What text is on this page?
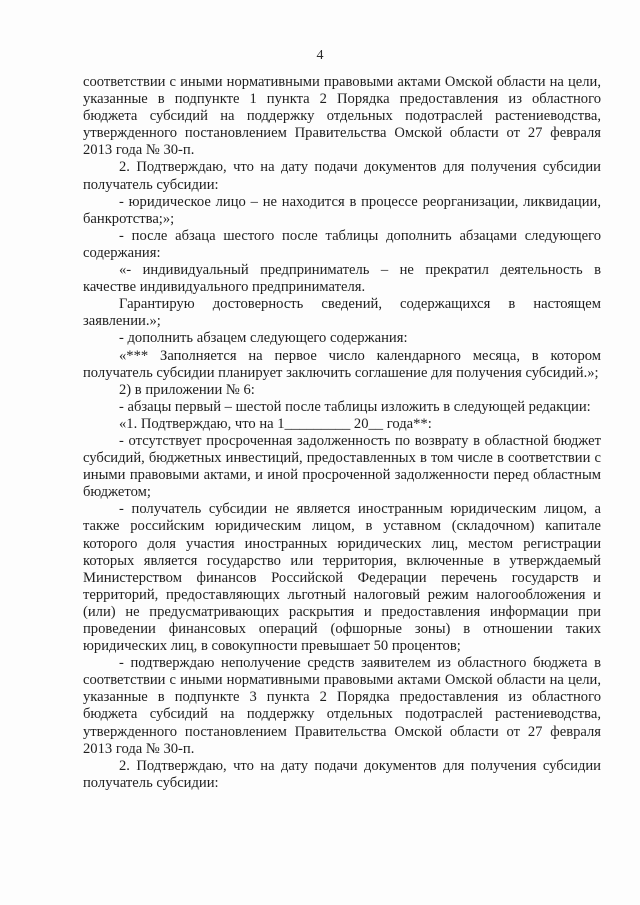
4

соответствии с иными нормативными правовыми актами Омской области на цели, указанные в подпункте 1 пункта 2 Порядка предоставления из областного бюджета субсидий на поддержку отдельных подотраслей растениеводства, утвержденного постановлением Правительства Омской области от 27 февраля 2013 года № 30-п.

2. Подтверждаю, что на дату подачи документов для получения субсидии получатель субсидии:

- юридическое лицо – не находится в процессе реорганизации, ликвидации, банкротства;»;

- после абзаца шестого после таблицы дополнить абзацами следующего содержания:

«- индивидуальный предприниматель – не прекратил деятельность в качестве индивидуального предпринимателя.

Гарантирую достоверность сведений, содержащихся в настоящем заявлении.»;

- дополнить абзацем следующего содержания:

«*** Заполняется на первое число календарного месяца, в котором получатель субсидии планирует заключить соглашение для получения субсидий.»;

2) в приложении № 6:

- абзацы первый – шестой после таблицы изложить в следующей редакции:

«1. Подтверждаю, что на 1_________ 20__ года**:

- отсутствует просроченная задолженность по возврату в областной бюджет субсидий, бюджетных инвестиций, предоставленных в том числе в соответствии с иными правовыми актами, и иной просроченной задолженности перед областным бюджетом;

- получатель субсидии не является иностранным юридическим лицом, а также российским юридическим лицом, в уставном (складочном) капитале которого доля участия иностранных юридических лиц, местом регистрации которых является государство или территория, включенные в утверждаемый Министерством финансов Российской Федерации перечень государств и территорий, предоставляющих льготный налоговый режим налогообложения и (или) не предусматривающих раскрытия и предоставления информации при проведении финансовых операций (офшорные зоны) в отношении таких юридических лиц, в совокупности превышает 50 процентов;

- подтверждаю неполучение средств заявителем из областного бюджета в соответствии с иными нормативными правовыми актами Омской области на цели, указанные в подпункте 3 пункта 2 Порядка предоставления из областного бюджета субсидий на поддержку отдельных подотраслей растениеводства, утвержденного постановлением Правительства Омской области от 27 февраля 2013 года № 30-п.

2. Подтверждаю, что на дату подачи документов для получения субсидии получатель субсидии:
